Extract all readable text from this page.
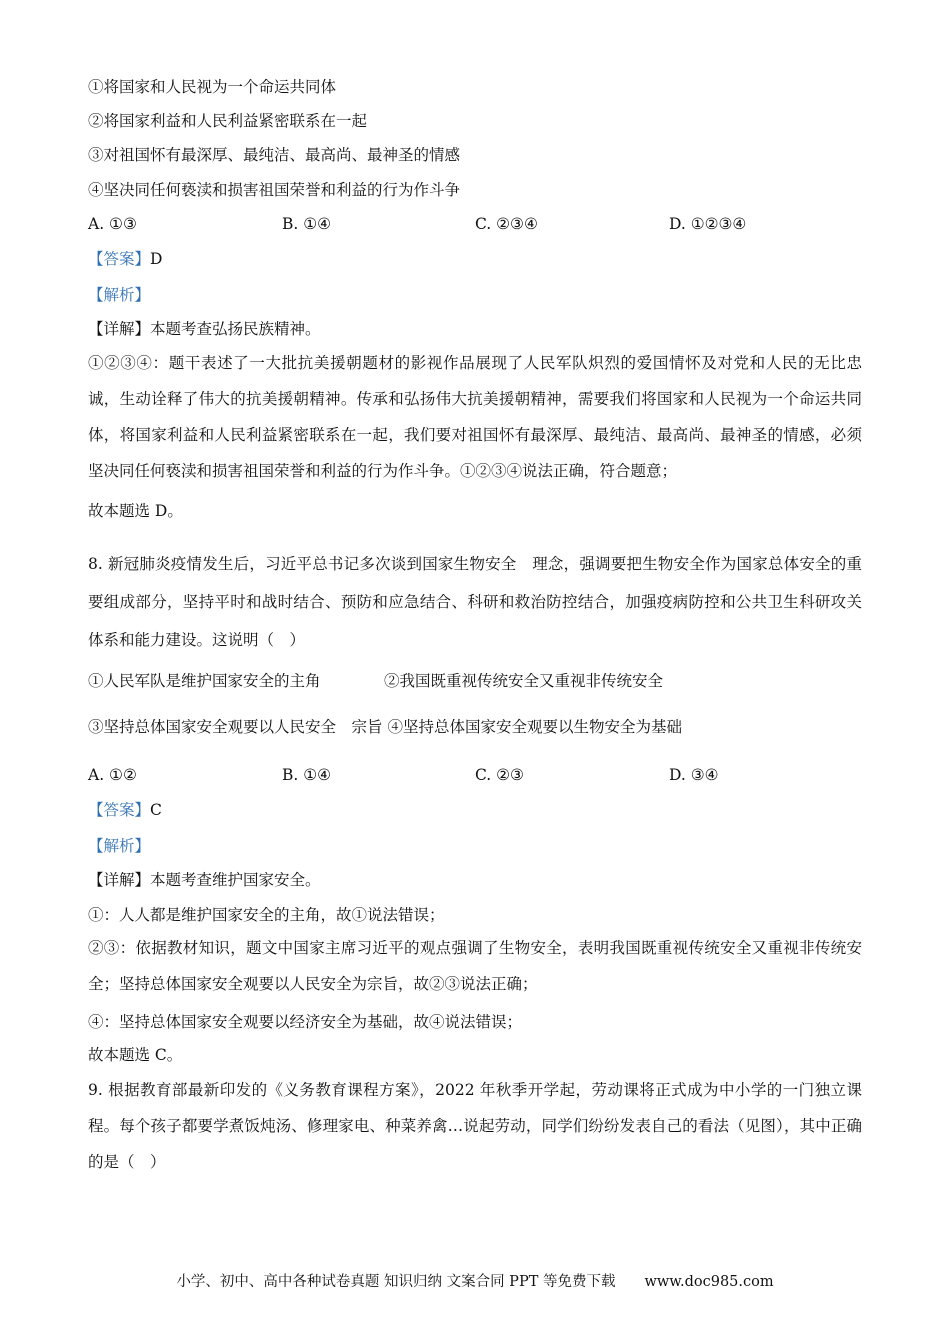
①将国家和人民视为一个命运共同体
②将国家利益和人民利益紧密联系在一起
③对祖国怀有最深厚、最纯洁、最高尚、最神圣的情感
④坚决同任何亵渎和损害祖国荣誉和利益的行为作斗争
A. ①③	B. ①④	C. ②③④	D. ①②③④
【答案】D
【解析】
【详解】本题考查弘扬民族精神。
①②③④：题干表述了一大批抗美援朝题材的影视作品展现了人民军队炽烈的爱国情怀及对党和人民的无比忠诚，生动诠释了伟大的抗美援朝精神。传承和弘扬伟大抗美援朝精神，需要我们将国家和人民视为一个命运共同体，将国家利益和人民利益紧密联系在一起，我们要对祖国怀有最深厚、最纯洁、最高尚、最神圣的情感，必须坚决同任何亵渎和损害祖国荣誉和利益的行为作斗争。①②③④说法正确，符合题意；
故本题选 D。
8. 新冠肺炎疫情发生后，习近平总书记多次谈到国家生物安全　理念，强调要把生物安全作为国家总体安全的重要组成部分，坚持平时和战时结合、预防和应急结合、科研和救治防控结合，加强疫病防控和公共卫生科研攻关体系和能力建设。这说明（　）
①人民军队是维护国家安全的主角	②我国既重视传统安全又重视非传统安全
③坚持总体国家安全观要以人民安全　宗旨 ④坚持总体国家安全观要以生物安全为基础
A. ①②	B. ①④	C. ②③	D. ③④
【答案】C
【解析】
【详解】本题考查维护国家安全。
①：人人都是维护国家安全的主角，故①说法错误；
②③：依据教材知识，题文中国家主席习近平的观点强调了生物安全，表明我国既重视传统安全又重视非传统安全；坚持总体国家安全观要以人民安全为宗旨，故②③说法正确；
④：坚持总体国家安全观要以经济安全为基础，故④说法错误；
故本题选 C。
9. 根据教育部最新印发的《义务教育课程方案》，2022 年秋季开学起，劳动课将正式成为中小学的一门独立课程。每个孩子都要学煮饭炖汤、修理家电、种菜养禽…说起劳动，同学们纷纷发表自己的看法（见图），其中正确的是（　）
小学、初中、高中各种试卷真题 知识归纳 文案合同 PPT 等免费下载　　www.doc985.com
